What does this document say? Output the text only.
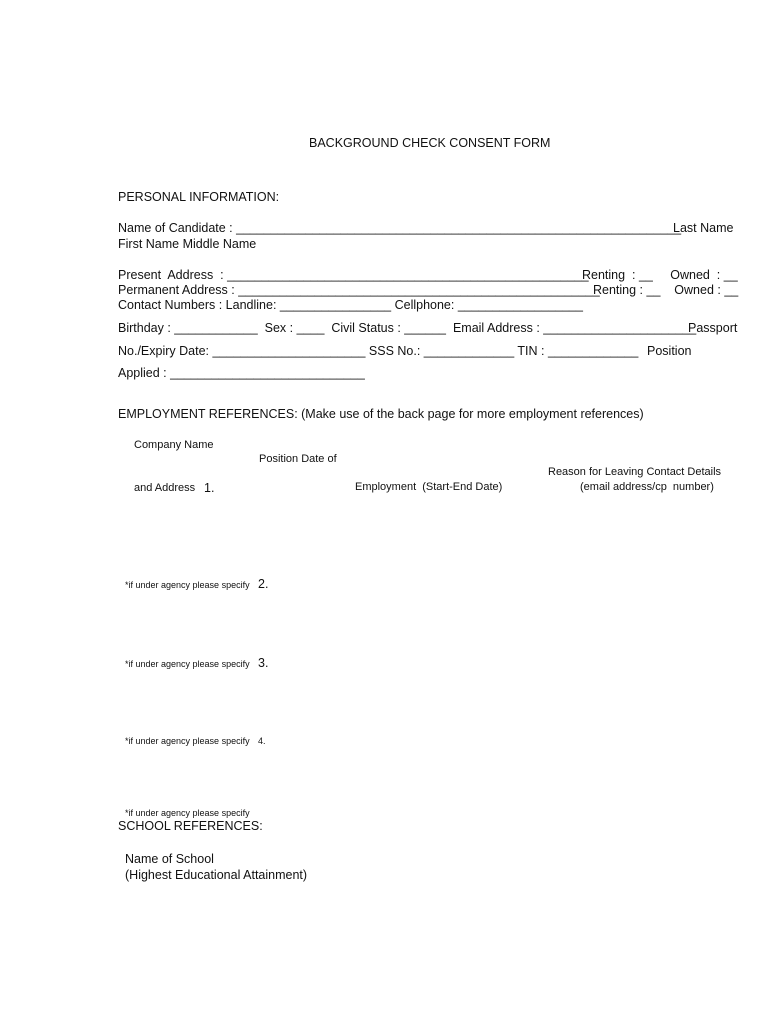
BACKGROUND CHECK CONSENT FORM

PERSONAL INFORMATION:

Name of Candidate : ________________________________________________________________

Last Name

First Name Middle Name

Present  Address  : ____________________________________________________

Renting  : __     Owned  : __

Permanent Address : ____________________________________________________

Renting : __    Owned : __

Contact Numbers : Landline: ________________ Cellphone: __________________

Birthday : ____________  Sex : ____  Civil Status : ______  Email Address : ______________________

Passport

No./Expiry Date: ______________________ SSS No.: _____________ TIN : _____________ Position

Applied : ____________________________

EMPLOYMENT REFERENCES: (Make use of the back page for more employment references)

Company Name

Position Date of

Reason for Leaving Contact Details

and Address 1.	Employment  (Start-End Date)	(email address/cp  number)

*if under agency please specify 2.

*if under agency please specify 3.

*if under agency please specify 4.

*if under agency please specify

SCHOOL REFERENCES:

Name of School

(Highest Educational Attainment)
